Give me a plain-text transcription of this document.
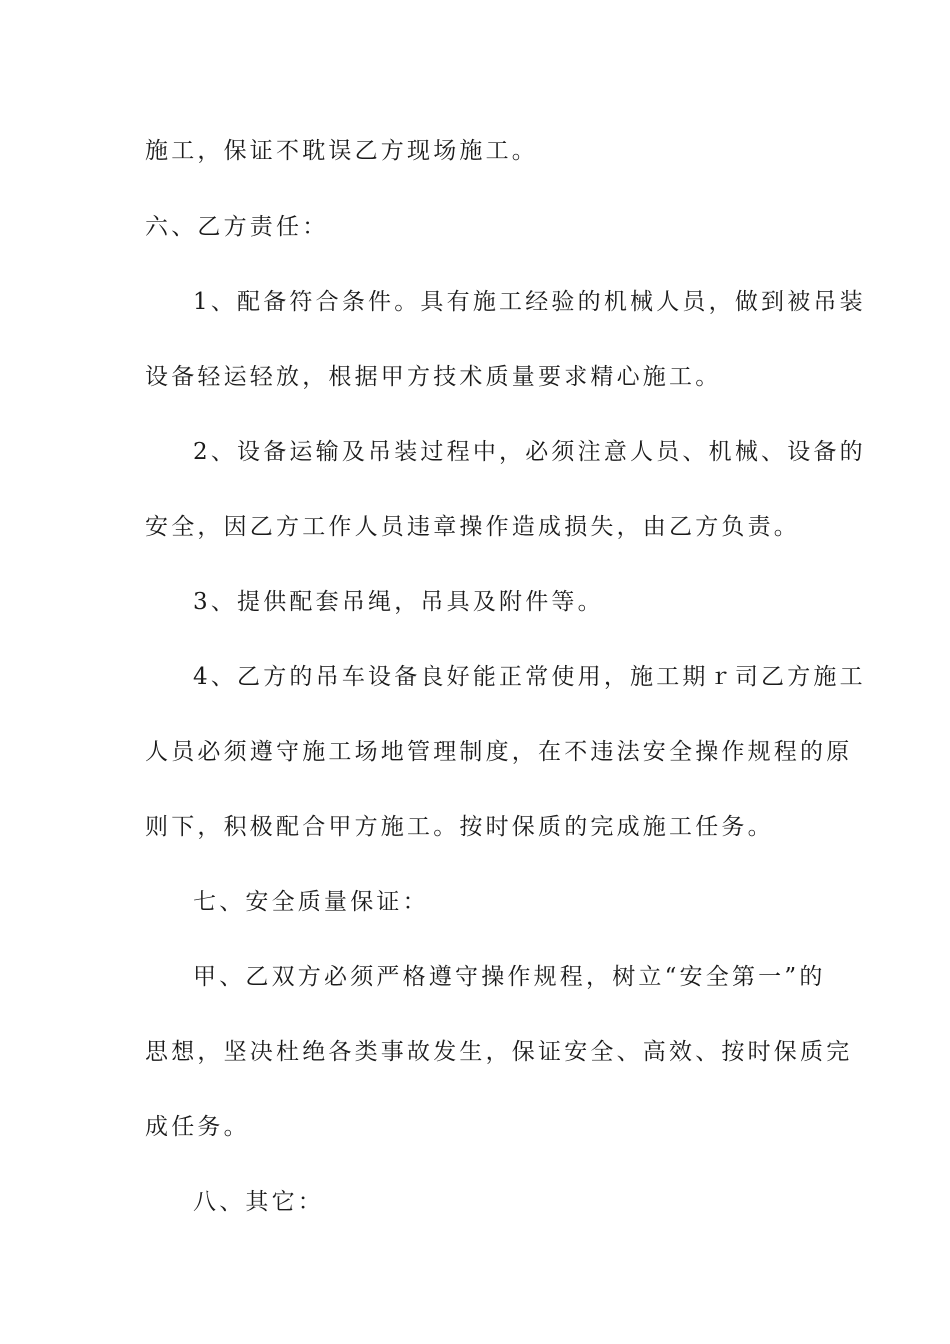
施工，保证不耽误乙方现场施工。
六、乙方责任：
1、配备符合条件。具有施工经验的机械人员，做到被吊装
设备轻运轻放，根据甲方技术质量要求精心施工。
2、设备运输及吊装过程中，必须注意人员、机械、设备的
安全，因乙方工作人员违章操作造成损失，由乙方负责。
3、提供配套吊绳，吊具及附件等。
4、乙方的吊车设备良好能正常使用，施工期ｒ司乙方施工
人员必须遵守施工场地管理制度，在不违法安全操作规程的原
则下，积极配合甲方施工。按时保质的完成施工任务。
七、安全质量保证：
甲、乙双方必须严格遵守操作规程，树立“安全第一”的
思想，坚决杜绝各类事故发生，保证安全、高效、按时保质完
成任务。
八、其它：
